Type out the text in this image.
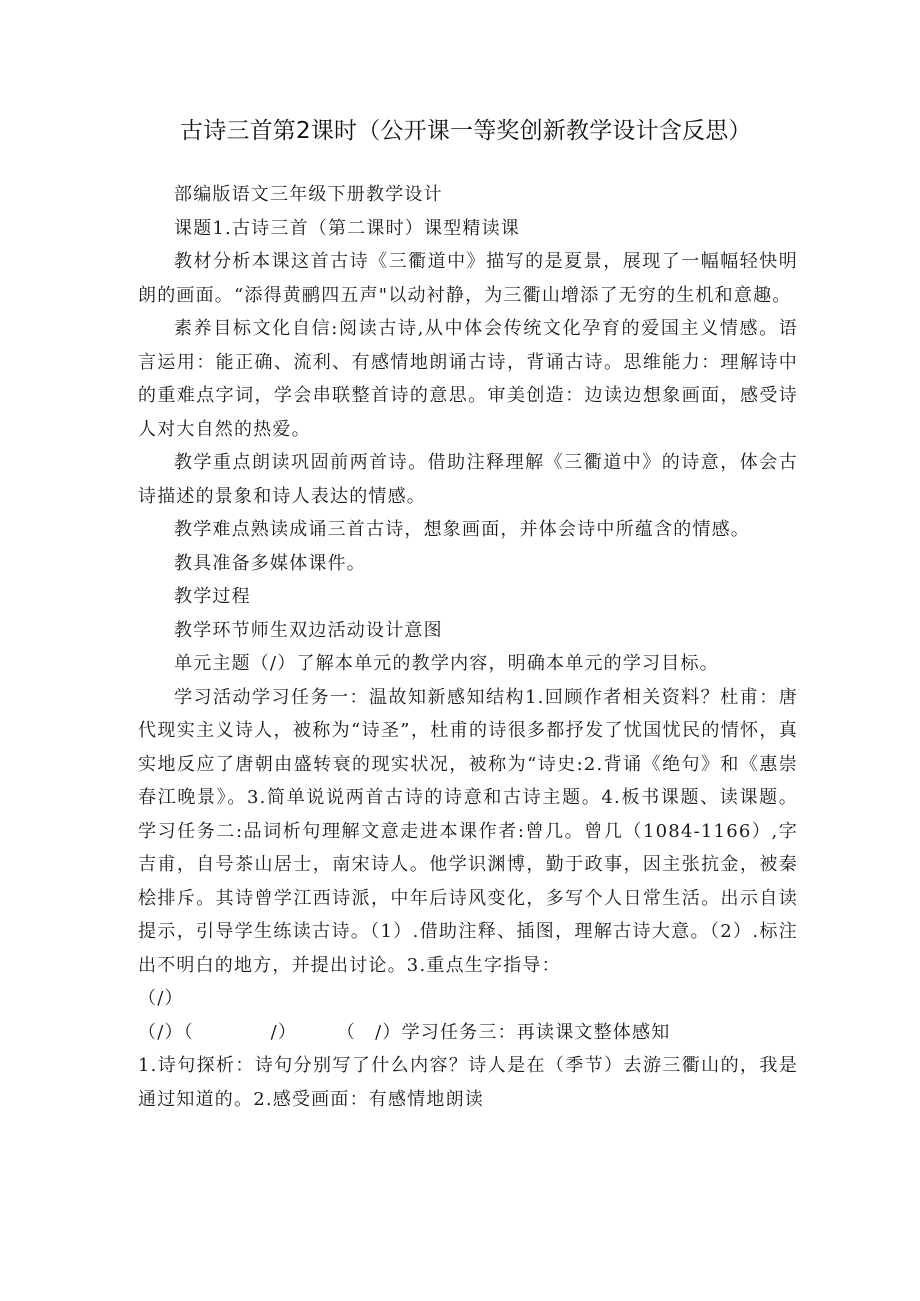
古诗三首第2课时（公开课一等奖创新教学设计含反思）

部编版语文三年级下册教学设计

课题1.古诗三首（第二课时）课型精读课

教材分析本课这首古诗《三衢道中》描写的是夏景，展现了一幅幅轻快明朗的画面。“添得黄鹂四五声"以动衬静，为三衢山增添了无穷的生机和意趣。

素养目标文化自信:阅读古诗,从中体会传统文化孕育的爱国主义情感。语言运用：能正确、流利、有感情地朗诵古诗，背诵古诗。思维能力：理解诗中的重难点字词，学会串联整首诗的意思。审美创造：边读边想象画面，感受诗人对大自然的热爱。

教学重点朗读巩固前两首诗。借助注释理解《三衢道中》的诗意，体会古诗描述的景象和诗人表达的情感。

教学难点熟读成诵三首古诗，想象画面，并体会诗中所蕴含的情感。

教具准备多媒体课件。

教学过程

教学环节师生双边活动设计意图

单元主题（/）了解本单元的教学内容，明确本单元的学习目标。

学习活动学习任务一：温故知新感知结构1.回顾作者相关资料？杜甫：唐代现实主义诗人，被称为“诗圣”，杜甫的诗很多都抒发了忧国忧民的情怀，真实地反应了唐朝由盛转衰的现实状况，被称为“诗史:2.背诵《绝句》和《惠崇春江晚景》。3.简单说说两首古诗的诗意和古诗主题。4.板书课题、读课题。学习任务二:品词析句理解文意走进本课作者:曾几。曾几（1084-1166）,字吉甫，自号茶山居士，南宋诗人。他学识渊博，勤于政事，因主张抗金，被秦桧排斥。其诗曾学江西诗派，中年后诗风变化，多写个人日常生活。出示自读提示，引导学生练读古诗。（1）.借助注释、插图，理解古诗大意。（2）.标注出不明白的地方，并提出讨论。3.重点生字指导：

（/）

（/）（　　　　/）　　　（　/）学习任务三：再读课文整体感知

1.诗句探析：诗句分别写了什么内容？诗人是在（季节）去游三衢山的，我是通过知道的。2.感受画面：有感情地朗读
